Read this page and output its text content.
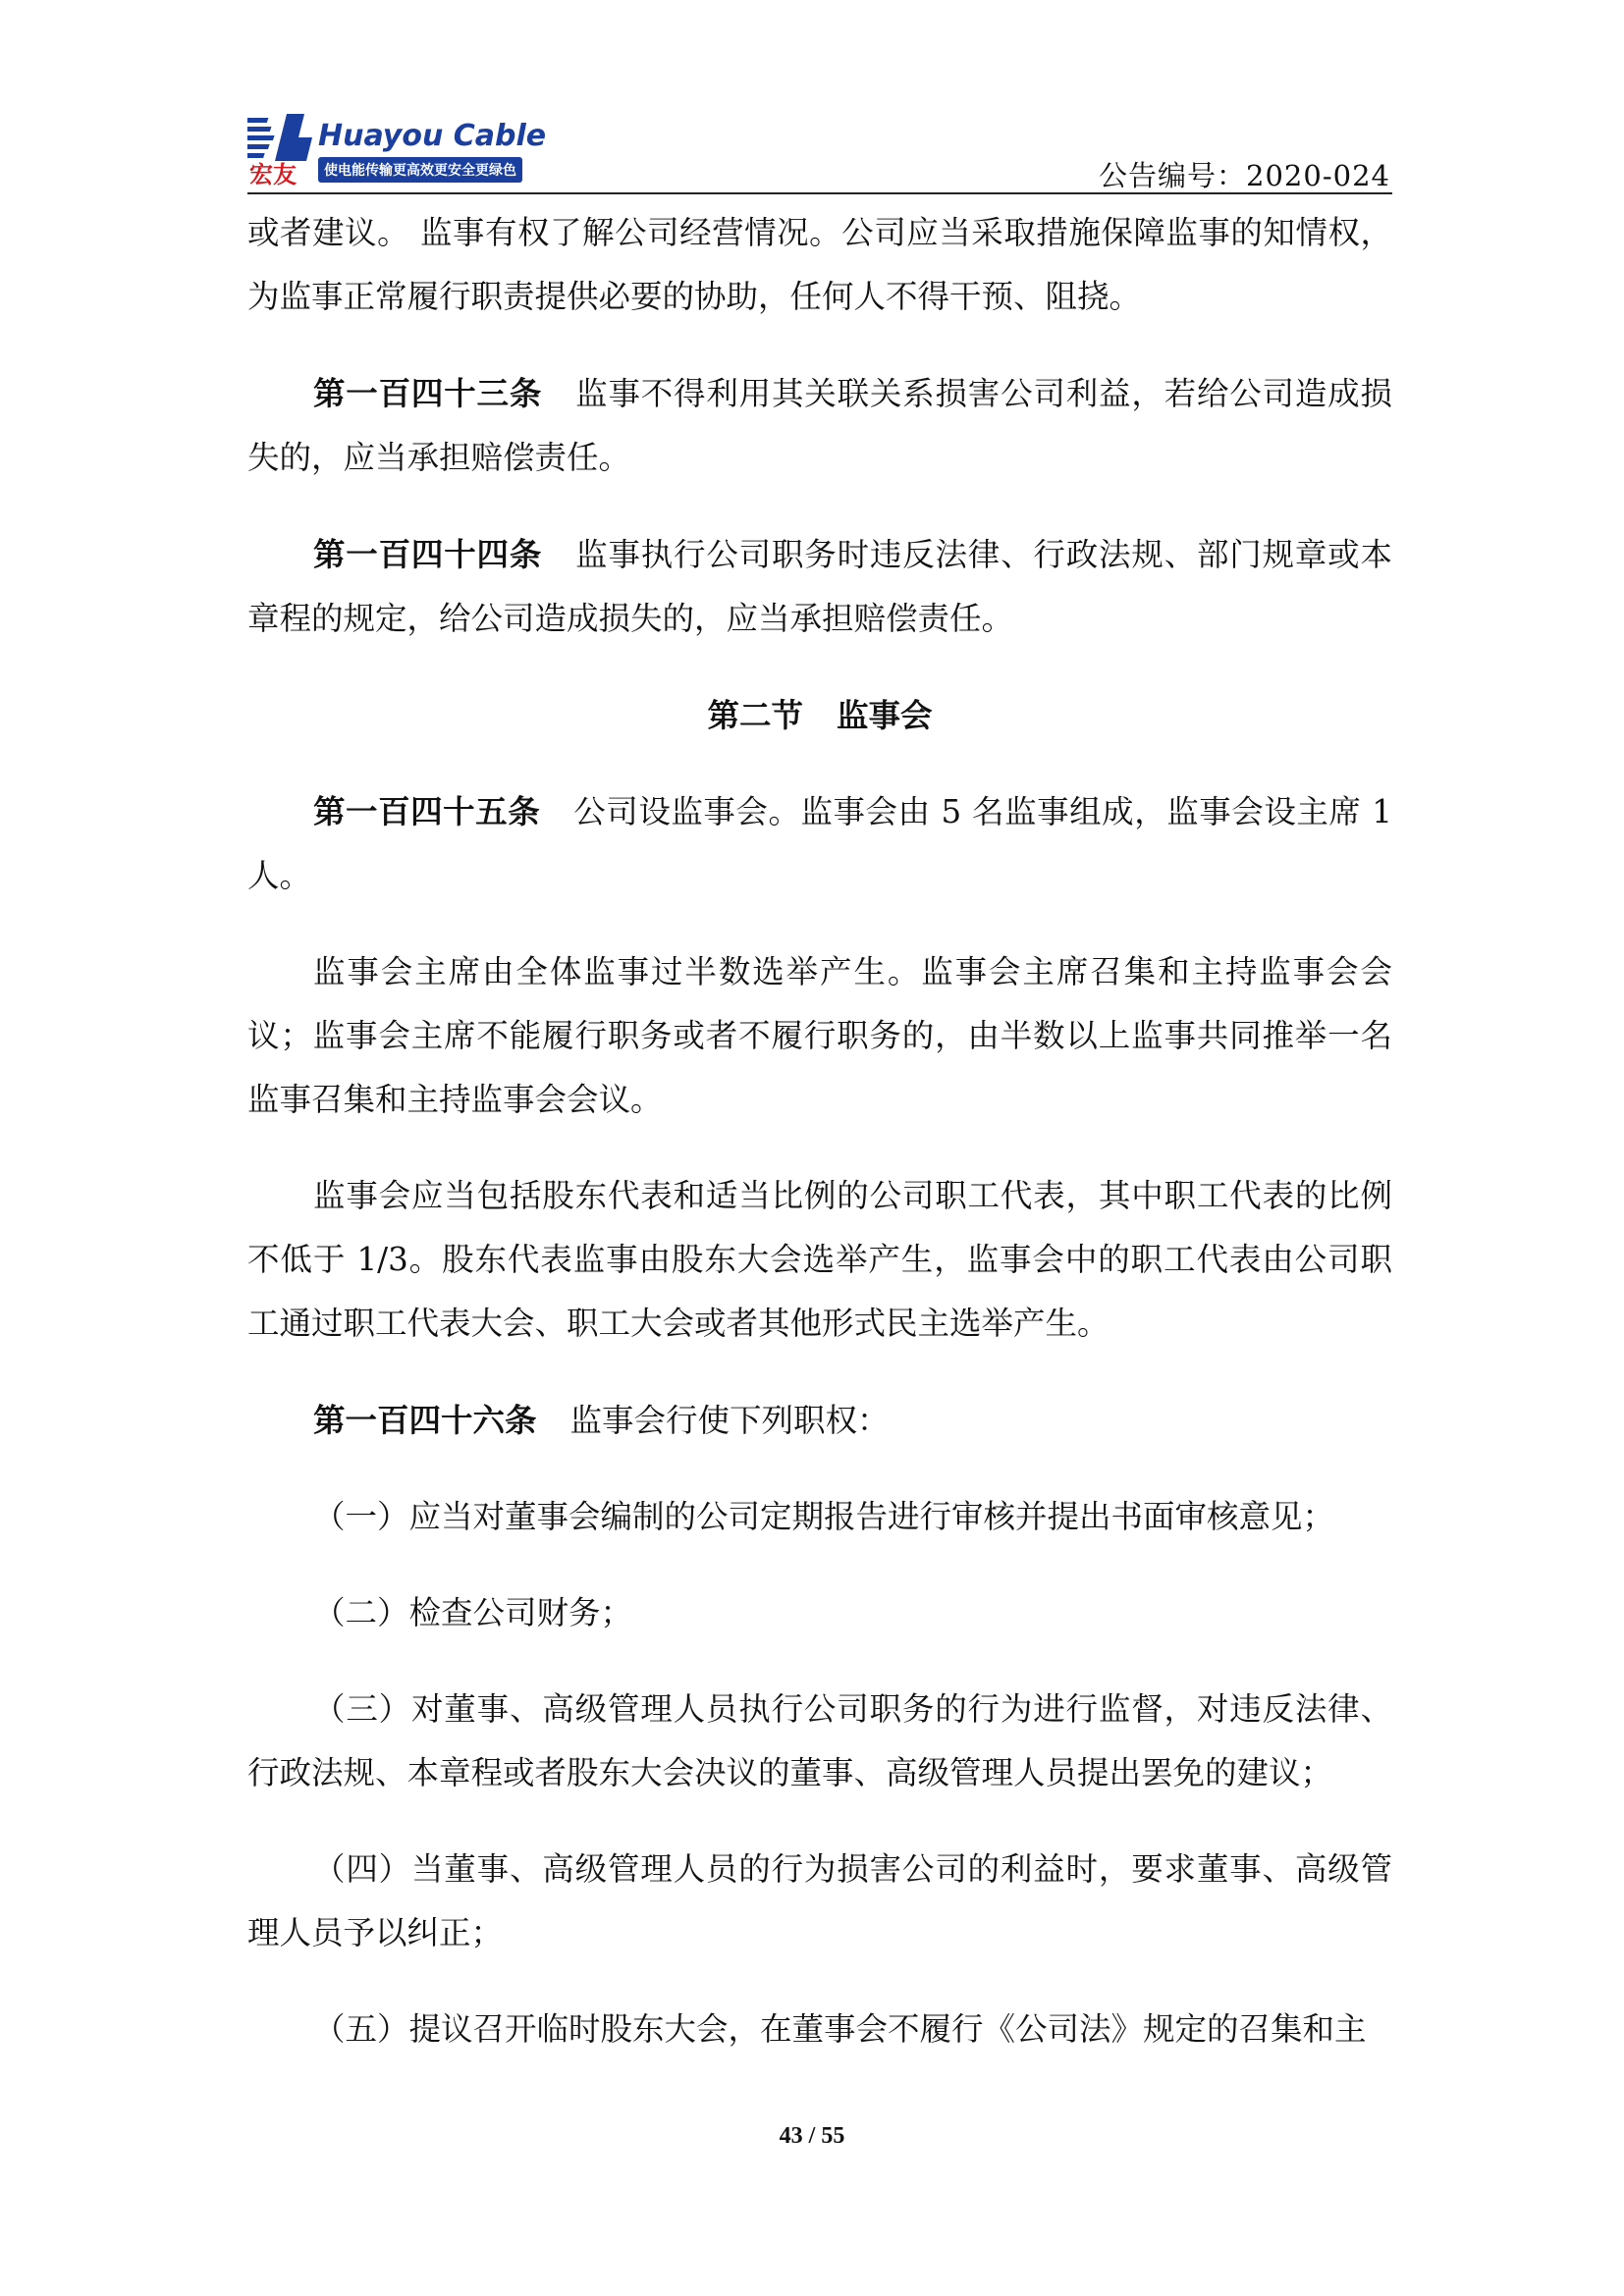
Huayou Cable
宏友 使电能传输更高效更安全更绿色	公告编号：2020-024

或者建议。 监事有权了解公司经营情况。公司应当采取措施保障监事的知情权，为监事正常履行职责提供必要的协助，任何人不得干预、阻挠。

第一百四十三条 监事不得利用其关联关系损害公司利益，若给公司造成损失的，应当承担赔偿责任。

第一百四十四条 监事执行公司职务时违反法律、行政法规、部门规章或本章程的规定，给公司造成损失的，应当承担赔偿责任。

第二节 监事会

第一百四十五条 公司设监事会。监事会由 5 名监事组成，监事会设主席 1 人。

监事会主席由全体监事过半数选举产生。监事会主席召集和主持监事会会议；监事会主席不能履行职务或者不履行职务的，由半数以上监事共同推举一名监事召集和主持监事会会议。

监事会应当包括股东代表和适当比例的公司职工代表，其中职工代表的比例不低于 1/3。股东代表监事由股东大会选举产生，监事会中的职工代表由公司职工通过职工代表大会、职工大会或者其他形式民主选举产生。

第一百四十六条 监事会行使下列职权：

（一）应当对董事会编制的公司定期报告进行审核并提出书面审核意见；

（二）检查公司财务；

（三）对董事、高级管理人员执行公司职务的行为进行监督，对违反法律、行政法规、本章程或者股东大会决议的董事、高级管理人员提出罢免的建议；

（四）当董事、高级管理人员的行为损害公司的利益时，要求董事、高级管理人员予以纠正；

（五）提议召开临时股东大会，在董事会不履行《公司法》规定的召集和主

43 / 55
